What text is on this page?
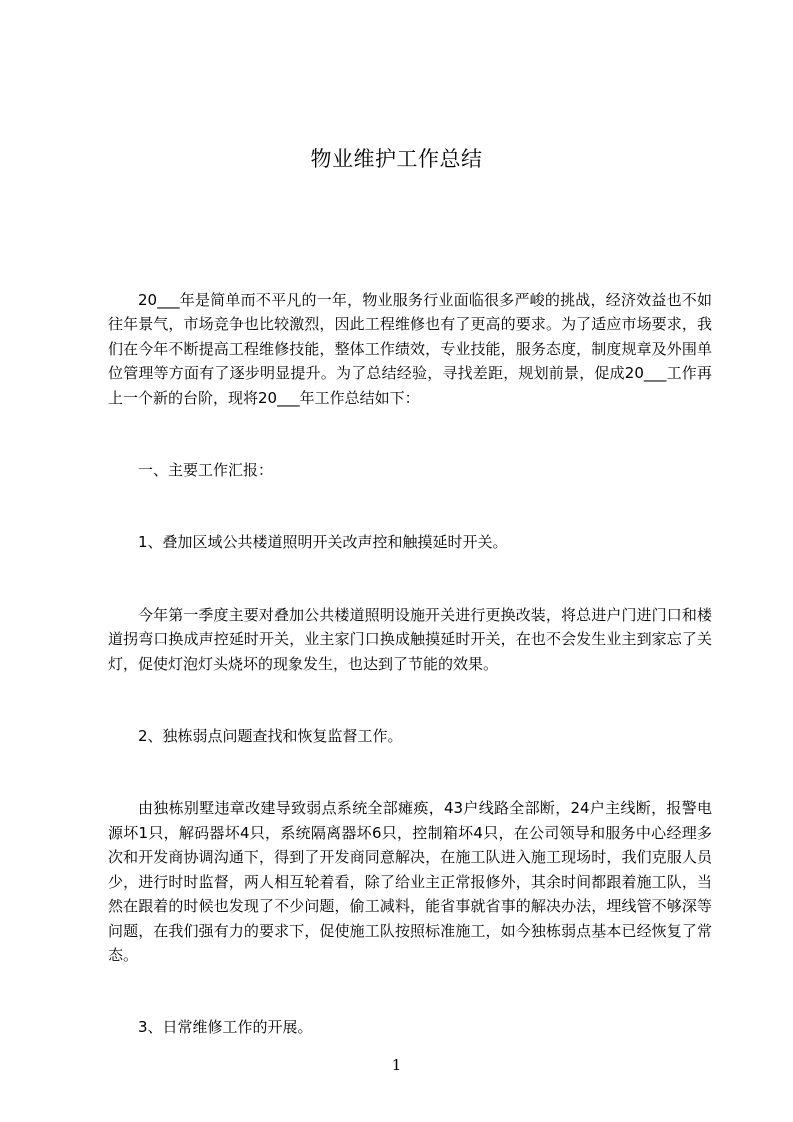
物业维护工作总结

20___年是简单而不平凡的一年，物业服务行业面临很多严峻的挑战，经济效益也不如往年景气，市场竞争也比较激烈，因此工程维修也有了更高的要求。为了适应市场要求，我们在今年不断提高工程维修技能，整体工作绩效，专业技能，服务态度，制度规章及外围单位管理等方面有了逐步明显提升。为了总结经验，寻找差距，规划前景，促成20___工作再上一个新的台阶，现将20___年工作总结如下：

一、主要工作汇报：

1、叠加区域公共楼道照明开关改声控和触摸延时开关。

今年第一季度主要对叠加公共楼道照明设施开关进行更换改装，将总进户门进门口和楼道拐弯口换成声控延时开关，业主家门口换成触摸延时开关，在也不会发生业主到家忘了关灯，促使灯泡灯头烧坏的现象发生，也达到了节能的效果。

2、独栋弱点问题查找和恢复监督工作。

由独栋别墅违章改建导致弱点系统全部瘫痪，43户线路全部断，24户主线断，报警电源坏1只，解码器坏4只，系统隔离器坏6只，控制箱坏4只，在公司领导和服务中心经理多次和开发商协调沟通下，得到了开发商同意解决，在施工队进入施工现场时，我们克服人员少，进行时时监督，两人相互轮着看，除了给业主正常报修外，其余时间都跟着施工队，当然在跟着的时候也发现了不少问题，偷工减料，能省事就省事的解决办法，埋线管不够深等问题，在我们强有力的要求下，促使施工队按照标准施工，如今独栋弱点基本已经恢复了常态。

3、日常维修工作的开展。

1
